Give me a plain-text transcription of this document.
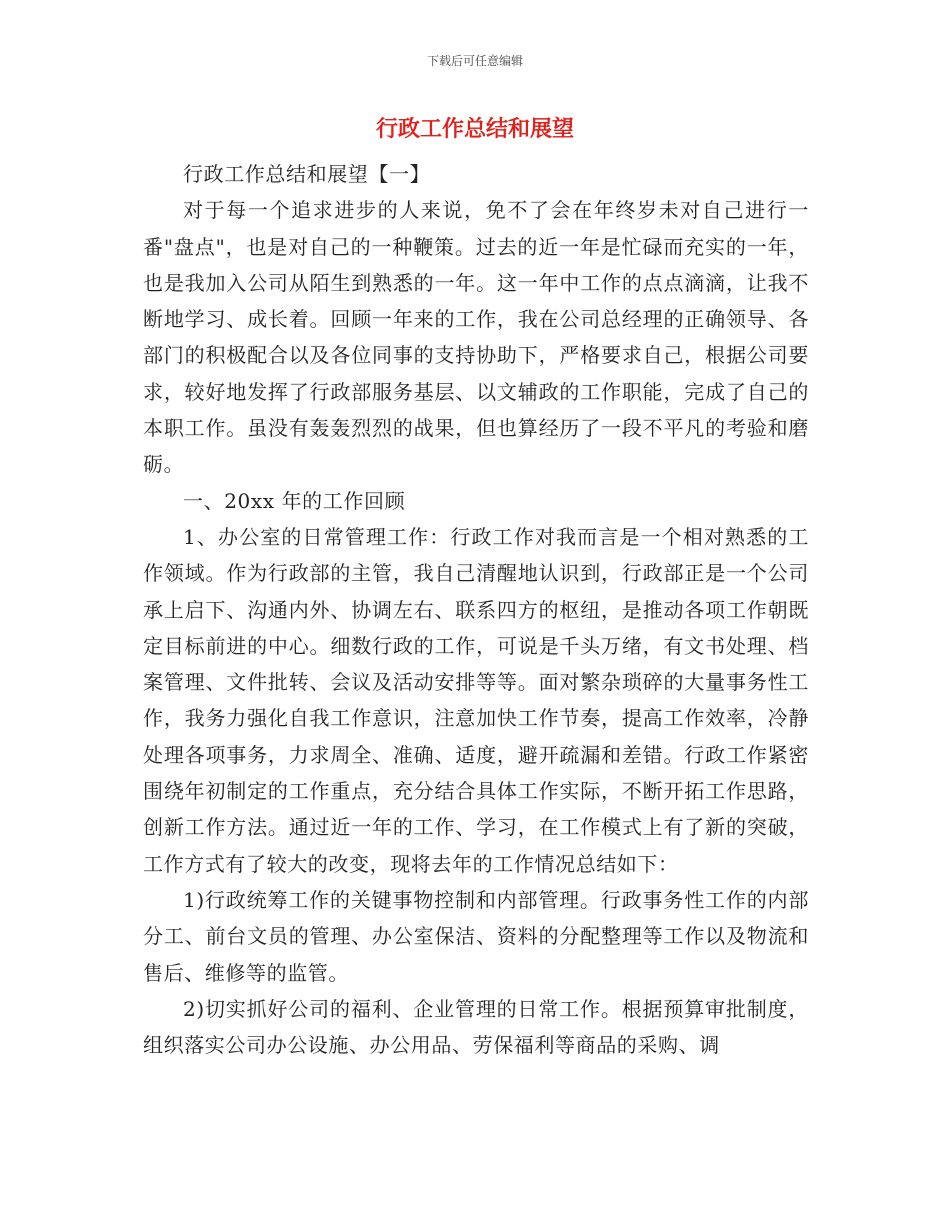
下载后可任意编辑
行政工作总结和展望

行政工作总结和展望【一】

对于每一个追求进步的人来说，免不了会在年终岁未对自己进行一番"盘点"，也是对自己的一种鞭策。过去的近一年是忙碌而充实的一年，也是我加入公司从陌生到熟悉的一年。这一年中工作的点点滴滴，让我不断地学习、成长着。回顾一年来的工作，我在公司总经理的正确领导、各部门的积极配合以及各位同事的支持协助下，严格要求自己，根据公司要求，较好地发挥了行政部服务基层、以文辅政的工作职能，完成了自己的本职工作。虽没有轰轰烈烈的战果，但也算经历了一段不平凡的考验和磨砺。

一、20xx 年的工作回顾

1、办公室的日常管理工作：行政工作对我而言是一个相对熟悉的工作领域。作为行政部的主管，我自己清醒地认识到，行政部正是一个公司承上启下、沟通内外、协调左右、联系四方的枢纽，是推动各项工作朝既定目标前进的中心。细数行政的工作，可说是千头万绪，有文书处理、档案管理、文件批转、会议及活动安排等等。面对繁杂琐碎的大量事务性工作，我务力强化自我工作意识，注意加快工作节奏，提高工作效率，冷静处理各项事务，力求周全、准确、适度，避开疏漏和差错。行政工作紧密围绕年初制定的工作重点，充分结合具体工作实际，不断开拓工作思路，创新工作方法。通过近一年的工作、学习，在工作模式上有了新的突破，工作方式有了较大的改变，现将去年的工作情况总结如下：

1)行政统筹工作的关键事物控制和内部管理。行政事务性工作的内部分工、前台文员的管理、办公室保洁、资料的分配整理等工作以及物流和售后、维修等的监管。

2)切实抓好公司的福利、企业管理的日常工作。根据预算审批制度，组织落实公司办公设施、办公用品、劳保福利等商品的采购、调
